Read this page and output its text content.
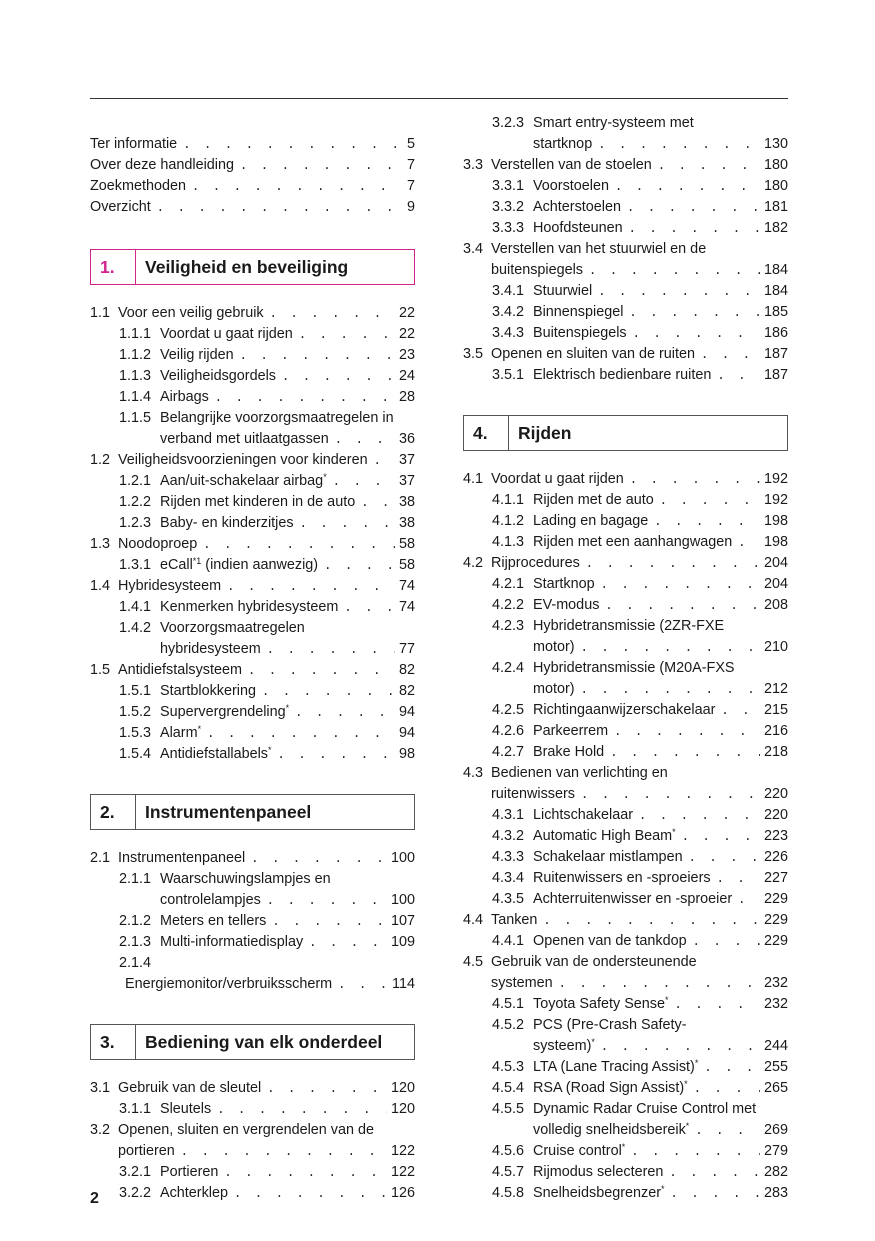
Ter informatie . . .	5
Over deze handleiding . . .	7
Zoekmethoden . . .	7
Overzicht . . .	9
1.	Veiligheid en beveiliging
1.1 Voor een veilig gebruik . . .	22
1.1.1 Voordat u gaat rijden . . .	22
1.1.2 Veilig rijden . . .	23
1.1.3 Veiligheidsgordels . . .	24
1.1.4 Airbags . . .	28
1.1.5 Belangrijke voorzorgsmaatregelen in
verband met uitlaatgassen . . .	36
1.2 Veiligheidsvoorzieningen voor kinderen . . . 37
1.2.1 Aan/uit-schakelaar airbag* . . .	37
1.2.2 Rijden met kinderen in de auto . . .	38
1.2.3 Baby- en kinderzitjes . . .	38
1.3 Noodoproep . . .	58
1.3.1 eCall$^{*1}$ (indien aanwezig) . . .	58
1.4 Hybridesysteem . . .	74
1.4.1 Kenmerken hybridesysteem . . .	74
1.4.2 Voorzorgsmaatregelen
hybridesysteem . . .	77
1.5 Antidiefstalsysteem . . .	82
1.5.1 Startblokkering . . .	82
1.5.2 Supervergrendeling* . . .	94
1.5.3 Alarm* . . .	94
1.5.4 Antidiefstallabels* . . .	98
2.	Instrumentenpaneel
2.1 Instrumentenpaneel . . .	100
2.1.1 Waarschuwingslampjes en
controlelampjes . . .	100
2.1.2 Meters en tellers . . .	107
2.1.3 Multi-informatiedisplay . . .	109
2.1.4
Energiemonitor/verbruiksscherm . . .	114
3.	Bediening van elk onderdeel
3.1 Gebruik van de sleutel . . .	120
3.1.1 Sleutels . . .	120
3.2 Openen, sluiten en vergrendelen van de
portieren . . .	122
3.2.1 Portieren . . .	122
3.2.2 Achterklep . . .	126
3.2.3 Smart entry-systeem met
startknop . . .	130
3.3 Verstellen van de stoelen . . .	180
3.3.1 Voorstoelen . . .	180
3.3.2 Achterstoelen . . .	181
3.3.3 Hoofdsteunen . . .	182
3.4 Verstellen van het stuurwiel en de
buitenspiegels . . .	184
3.4.1 Stuurwiel . . .	184
3.4.2 Binnenspiegel . . .	185
3.4.3 Buitenspiegels . . .	186
3.5 Openen en sluiten van de ruiten . . .	187
3.5.1 Elektrisch bedienbare ruiten . . .	187
4.	Rijden
4.1 Voordat u gaat rijden . . .	192
4.1.1 Rijden met de auto . . .	192
4.1.2 Lading en bagage . . .	198
4.1.3 Rijden met een aanhangwagen . . . 198
4.2 Rijprocedures . . .	204
4.2.1 Startknop . . .	204
4.2.2 EV-modus . . .	208
4.2.3 Hybridetransmissie (2ZR-FXE
motor) . . .	210
4.2.4 Hybridetransmissie (M20A-FXS
motor) . . .	212
4.2.5 Richtingaanwijzerschakelaar . . .	215
4.2.6 Parkeerrem . . .	216
4.2.7 Brake Hold . . .	218
4.3 Bedienen van verlichting en
ruitenwissers . . .	220
4.3.1 Lichtschakelaar . . .	220
4.3.2 Automatic High Beam* . . .	223
4.3.3 Schakelaar mistlampen . . .	226
4.3.4 Ruitenwissers en -sproeiers . . .	227
4.3.5 Achterruitenwisser en -sproeier . . . 229
4.4 Tanken . . .	229
4.4.1 Openen van de tankdop . . .	229
4.5 Gebruik van de ondersteunende
systemen . . .	232
4.5.1 Toyota Safety Sense* . . .	232
4.5.2 PCS (Pre-Crash Safety-
systeem)* . . .	244
4.5.3 LTA (Lane Tracing Assist)* . . .	255
4.5.4 RSA (Road Sign Assist)* . . .	265
4.5.5 Dynamic Radar Cruise Control met
volledig snelheidsbereik* . . .	269
4.5.6 Cruise control* . . .	279
4.5.7 Rijmodus selecteren . . .	282
4.5.8 Snelheidsbegrenzer* . . .	283
2
